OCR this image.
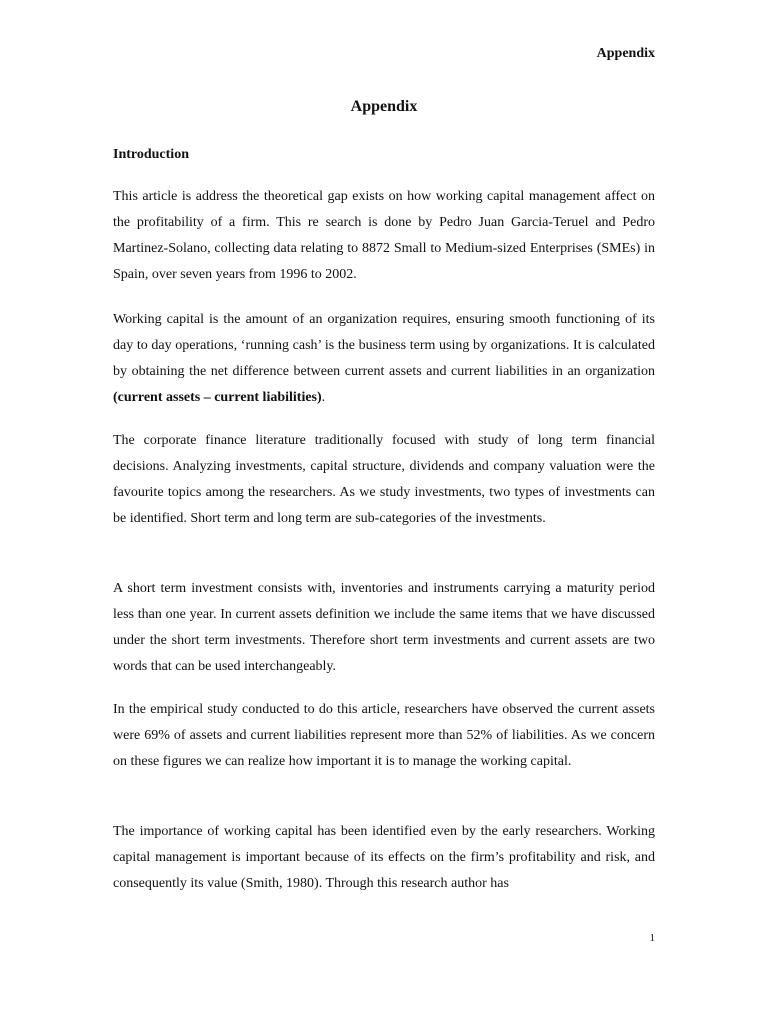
Appendix
Appendix
Introduction

This article is address the theoretical gap exists on how working capital management affect on the profitability of a firm. This re search is done by Pedro Juan Garcia-Teruel and Pedro Martinez-Solano, collecting data relating to 8872 Small to Medium-sized Enterprises (SMEs) in Spain, over seven years from 1996 to 2002.

Working capital is the amount of an organization requires, ensuring smooth functioning of its day to day operations, ‘running cash’ is the business term using by organizations. It is calculated by obtaining the net difference between current assets and current liabilities in an organization (current assets – current liabilities).

The corporate finance literature traditionally focused with study of long term financial decisions. Analyzing investments, capital structure, dividends and company valuation were the favourite topics among the researchers. As we study investments, two types of investments can be identified. Short term and long term are sub-categories of the investments.

A short term investment consists with, inventories and instruments carrying a maturity period less than one year. In current assets definition we include the same items that we have discussed under the short term investments. Therefore short term investments and current assets are two words that can be used interchangeably.

In the empirical study conducted to do this article, researchers have observed the current assets were 69% of assets and current liabilities represent more than 52% of liabilities. As we concern on these figures we can realize how important it is to manage the working capital.

The importance of working capital has been identified even by the early researchers. Working capital management is important because of its effects on the firm’s profitability and risk, and consequently its value (Smith, 1980). Through this research author has

1
